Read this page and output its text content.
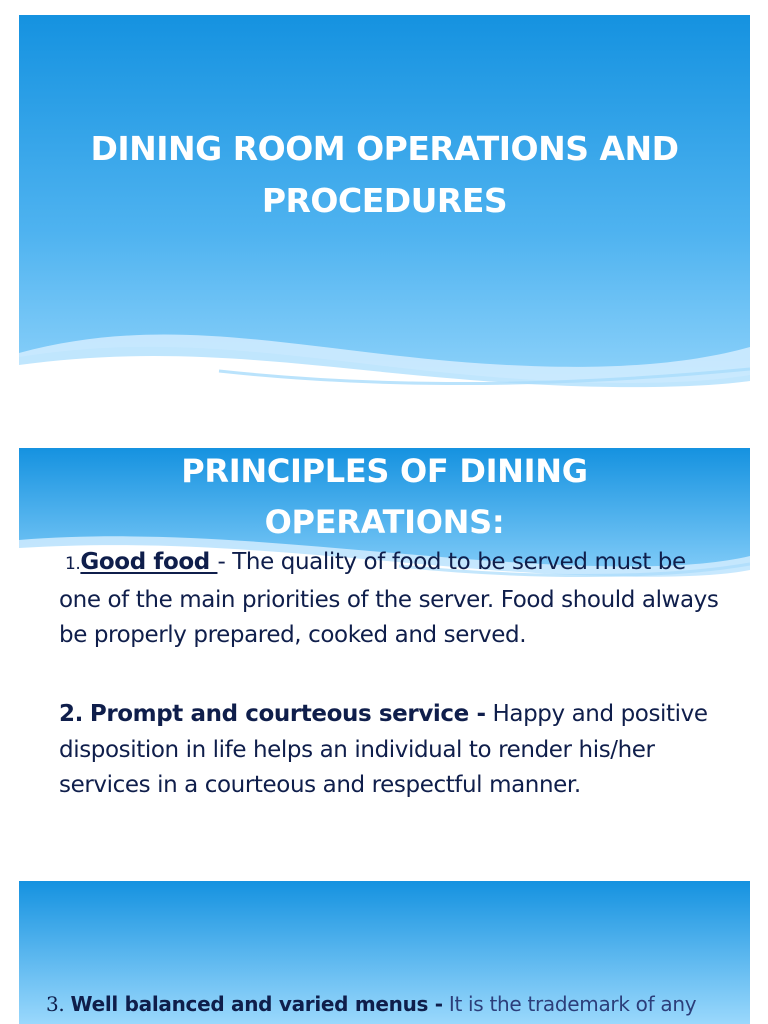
DINING ROOM OPERATIONS AND
PROCEDURES
PRINCIPLES OF DINING
OPERATIONS:

1.Good food - The quality of food to be served must be one of the main priorities of the server. Food should always be properly prepared, cooked and served.

2. Prompt and courteous service - Happy and positive disposition in life helps an individual to render his/her services in a courteous and respectful manner.

3. Well balanced and varied menus - It is the trademark of any
